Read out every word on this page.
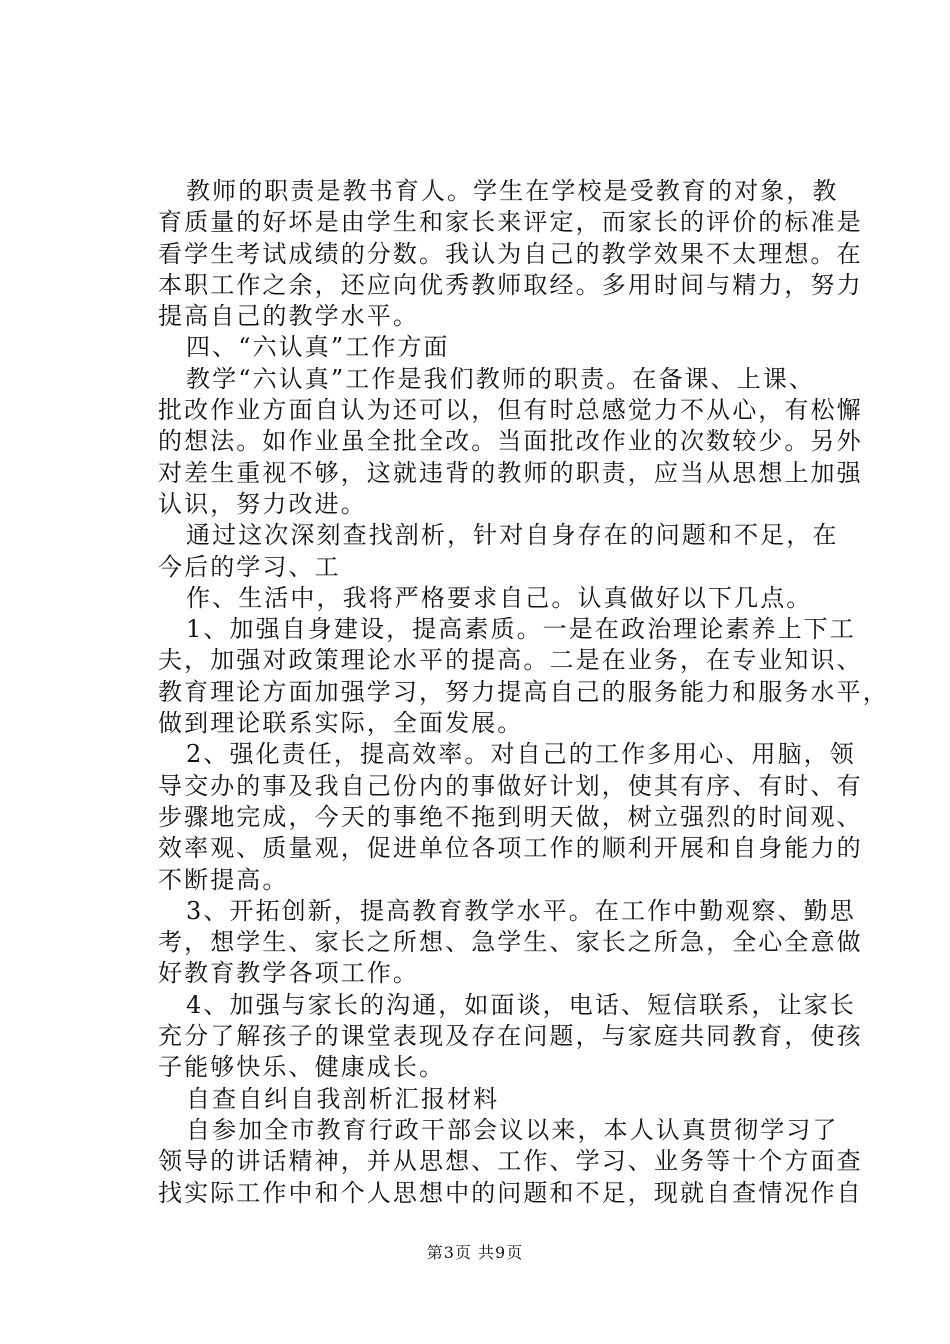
教师的职责是教书育人。学生在学校是受教育的对象，教
育质量的好坏是由学生和家长来评定，而家长的评价的标准是
看学生考试成绩的分数。我认为自己的教学效果不太理想。在
本职工作之余，还应向优秀教师取经。多用时间与精力，努力
提高自己的教学水平。
四、“六认真”工作方面
教学“六认真”工作是我们教师的职责。在备课、上课、
批改作业方面自认为还可以，但有时总感觉力不从心，有松懈
的想法。如作业虽全批全改。当面批改作业的次数较少。另外
对差生重视不够，这就违背的教师的职责，应当从思想上加强
认识，努力改进。
通过这次深刻查找剖析，针对自身存在的问题和不足，在
今后的学习、工
作、生活中，我将严格要求自己。认真做好以下几点。
1、加强自身建设，提高素质。一是在政治理论素养上下工
夫，加强对政策理论水平的提高。二是在业务，在专业知识、
教育理论方面加强学习，努力提高自己的服务能力和服务水平，
做到理论联系实际，全面发展。
2、强化责任，提高效率。对自己的工作多用心、用脑，领
导交办的事及我自己份内的事做好计划，使其有序、有时、有
步骤地完成，今天的事绝不拖到明天做，树立强烈的时间观、
效率观、质量观，促进单位各项工作的顺利开展和自身能力的
不断提高。
3、开拓创新，提高教育教学水平。在工作中勤观察、勤思
考，想学生、家长之所想、急学生、家长之所急，全心全意做
好教育教学各项工作。
4、加强与家长的沟通，如面谈，电话、短信联系，让家长
充分了解孩子的课堂表现及存在问题，与家庭共同教育，使孩
子能够快乐、健康成长。
自查自纠自我剖析汇报材料
自参加全市教育行政干部会议以来，本人认真贯彻学习了
领导的讲话精神，并从思想、工作、学习、业务等十个方面查
找实际工作中和个人思想中的问题和不足，现就自查情况作自
第3页 共9页
